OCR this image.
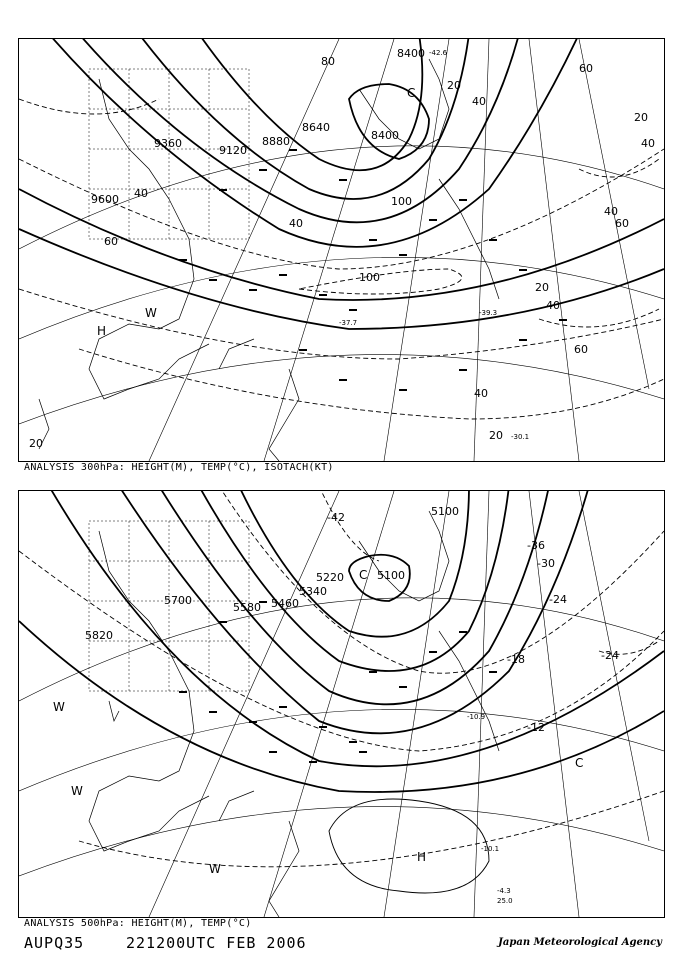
9360
9600
9120
8880
8640
8400
8400
80
40
60
20
40
60
20
40
40
60
20
40
100
100
20
40
60
40
20	-30.1
-42.6
-37.7
-39.3
H
W
C
ANALYSIS 300hPa: HEIGHT(M), TEMP(°C), ISOTACH(KT)
5820
5700
5580 5460
5220	5100
5100
5340
-42
-36
-30
-24
-18
-12
-24
-10.1
-4.3
25.0
-10.9
W
W
W
C
C
H
ANALYSIS 500hPa: HEIGHT(M), TEMP(°C)
AUPQ35	221200UTC FEB 2006	Japan Meteorological Agency
